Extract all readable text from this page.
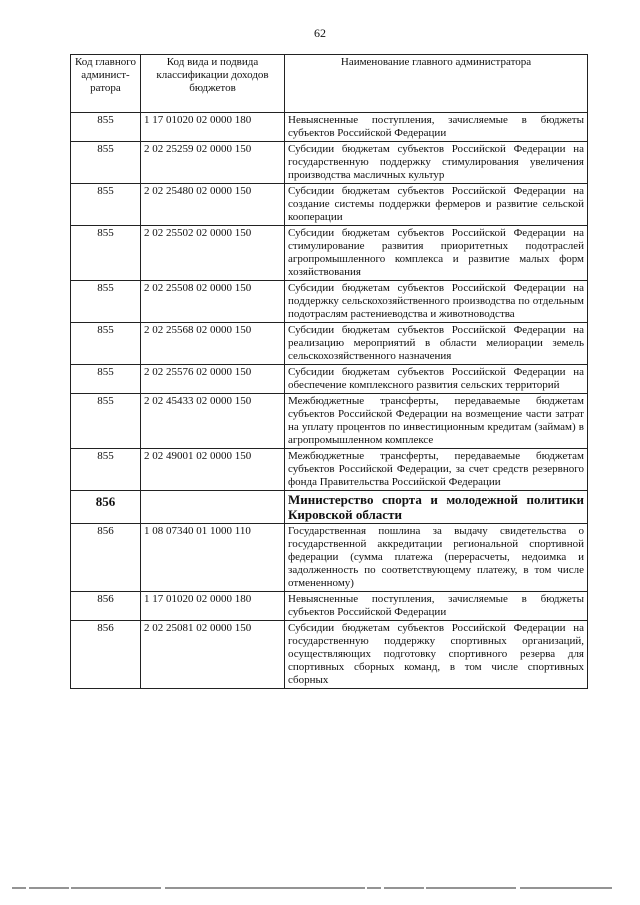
62
Код главного админист-ратора	Код вида и подвида классификации доходов бюджетов	Наименование главного администратора
855	1 17 01020 02 0000 180	Невыясненные поступления, зачисляемые в бюджеты субъектов Российской Федерации
855	2 02 25259 02 0000 150	Субсидии бюджетам субъектов Российской Федерации на государственную поддержку стимулирования увеличения производства масличных культур
855	2 02 25480 02 0000 150	Субсидии бюджетам субъектов Российской Федерации на создание системы поддержки фермеров и развитие сельской кооперации
855	2 02 25502 02 0000 150	Субсидии бюджетам субъектов Российской Федерации на стимулирование развития приоритетных подотраслей агропромышленного комплекса и развитие малых форм хозяйствования
855	2 02 25508 02 0000 150	Субсидии бюджетам субъектов Российской Федерации на поддержку сельскохозяйственного производства по отдельным подотраслям растениеводства и животноводства
855	2 02 25568 02 0000 150	Субсидии бюджетам субъектов Российской Федерации на реализацию мероприятий в области мелиорации земель сельскохозяйственного назначения
855	2 02 25576 02 0000 150	Субсидии бюджетам субъектов Российской Федерации на обеспечение комплексного развития сельских территорий
855	2 02 45433 02 0000 150	Межбюджетные трансферты, передаваемые бюджетам субъектов Российской Федерации на возмещение части затрат на уплату процентов по инвестиционным кредитам (займам) в агропромышленном комплексе
855	2 02 49001 02 0000 150	Межбюджетные трансферты, передаваемые бюджетам субъектов Российской Федерации, за счет средств резервного фонда Правительства Российской Федерации
856		Министерство спорта и молодежной политики Кировской области
856	1 08 07340 01 1000 110	Государственная пошлина за выдачу свидетельства о государственной аккредитации региональной спортивной федерации (сумма платежа (перерасчеты, недоимка и задолженность по соответствующему платежу, в том числе отмененному)
856	1 17 01020 02 0000 180	Невыясненные поступления, зачисляемые в бюджеты субъектов Российской Федерации
856	2 02 25081 02 0000 150	Субсидии бюджетам субъектов Российской Федерации на государственную поддержку спортивных организаций, осуществляющих подготовку спортивного резерва для спортивных сборных команд, в том числе спортивных сборных
